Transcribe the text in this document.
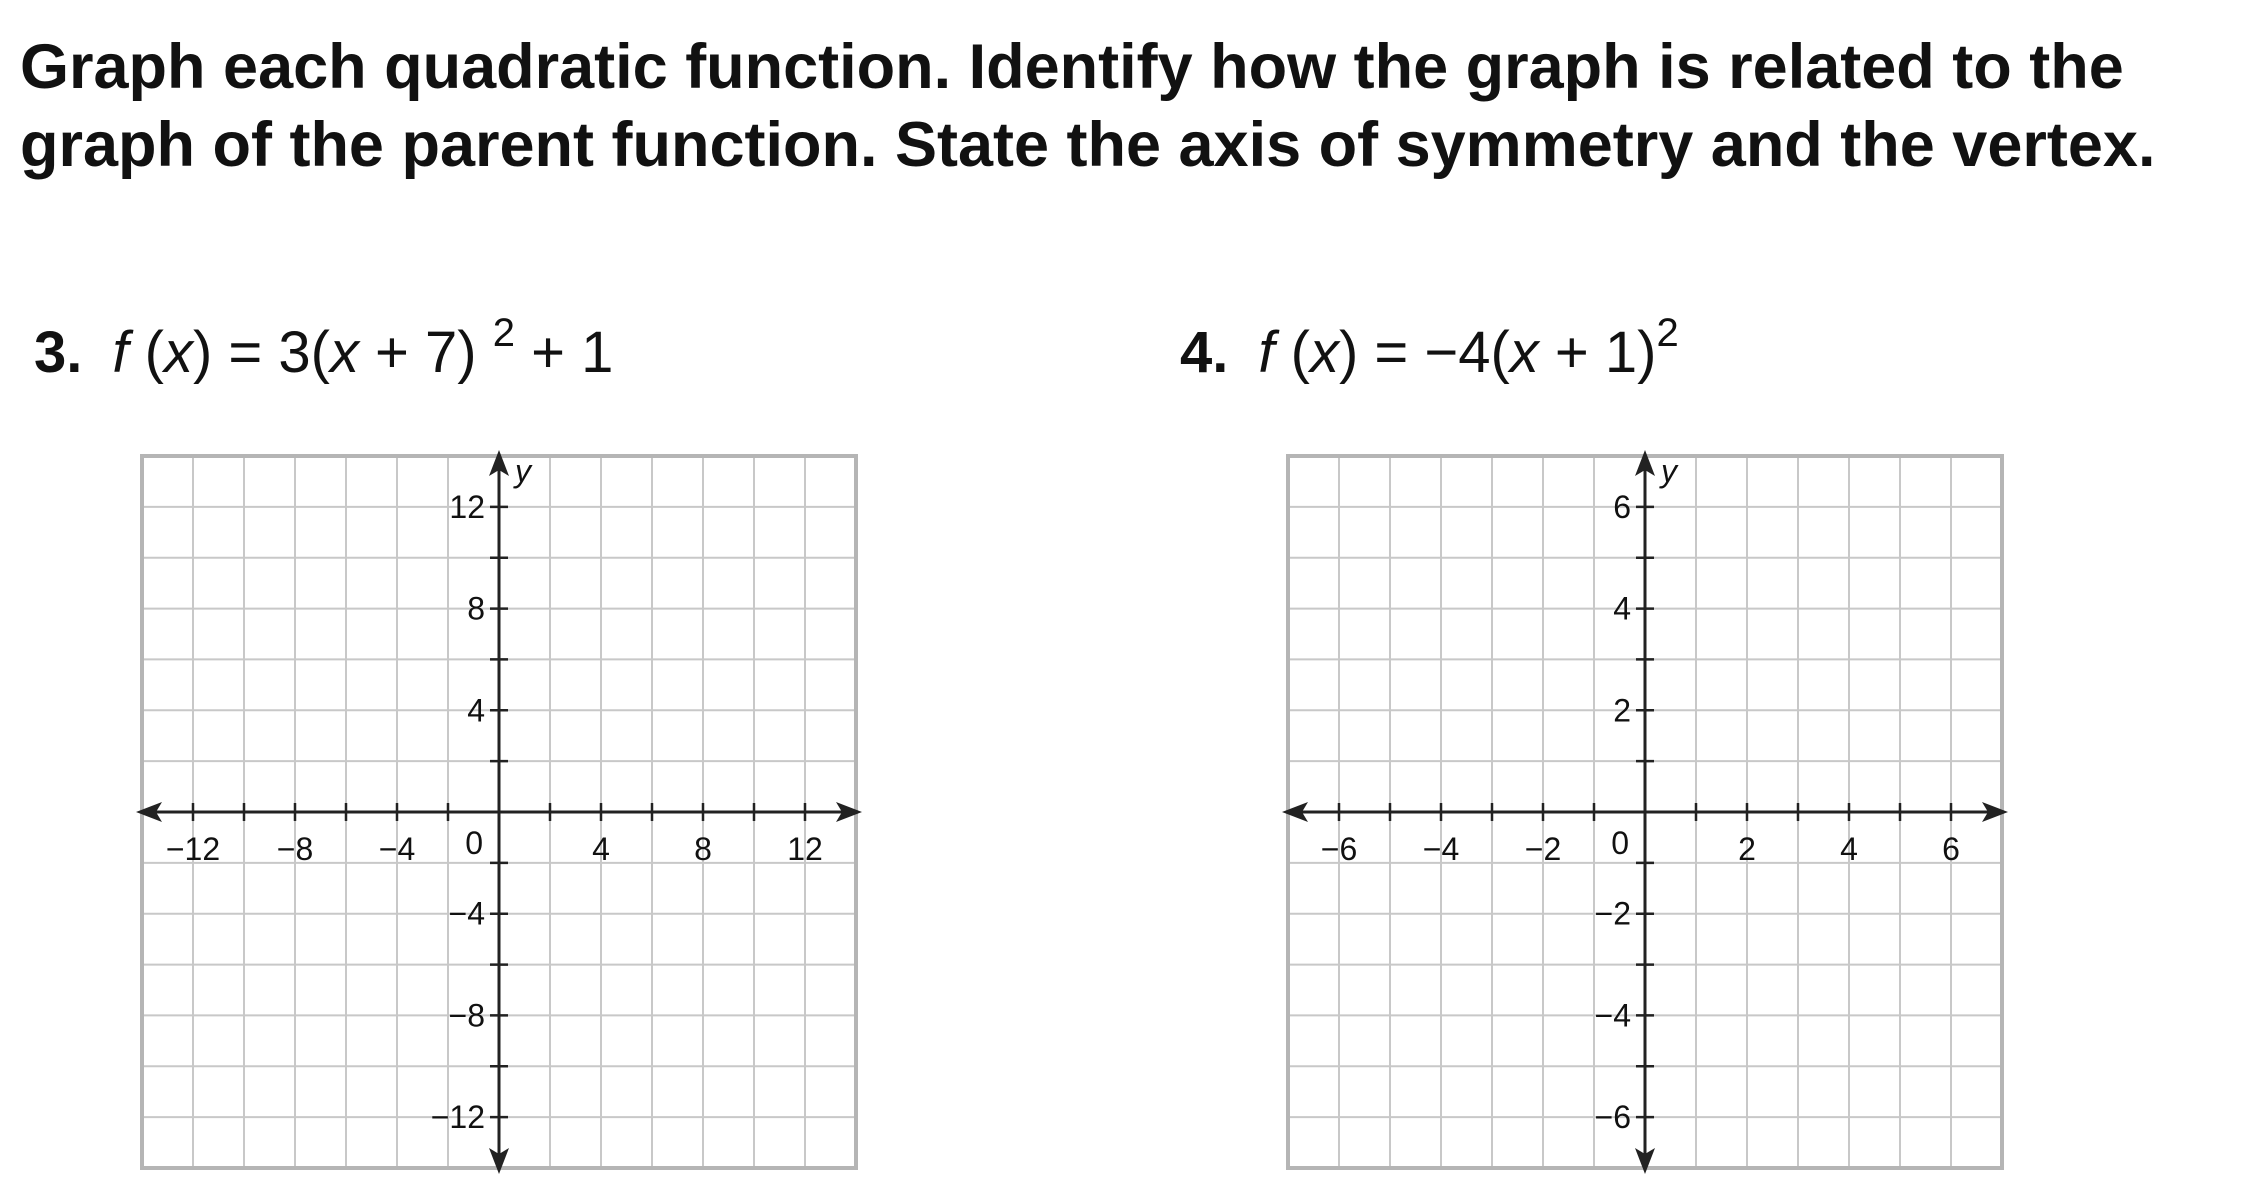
Graph each quadratic function. Identify how the graph is related to the
graph of the parent function. State the axis of symmetry and the vertex.

3. f (x) = 3(x + 7) $^2$ + 1	4. f $(x) = -4(x + 1)^2$
−12 −8 −4	4	8 12
12
8
4
−4
−8
−12
0
y
−6 −4 −2	2	4	6
6
4
2
−2
−4
−6
0
y
